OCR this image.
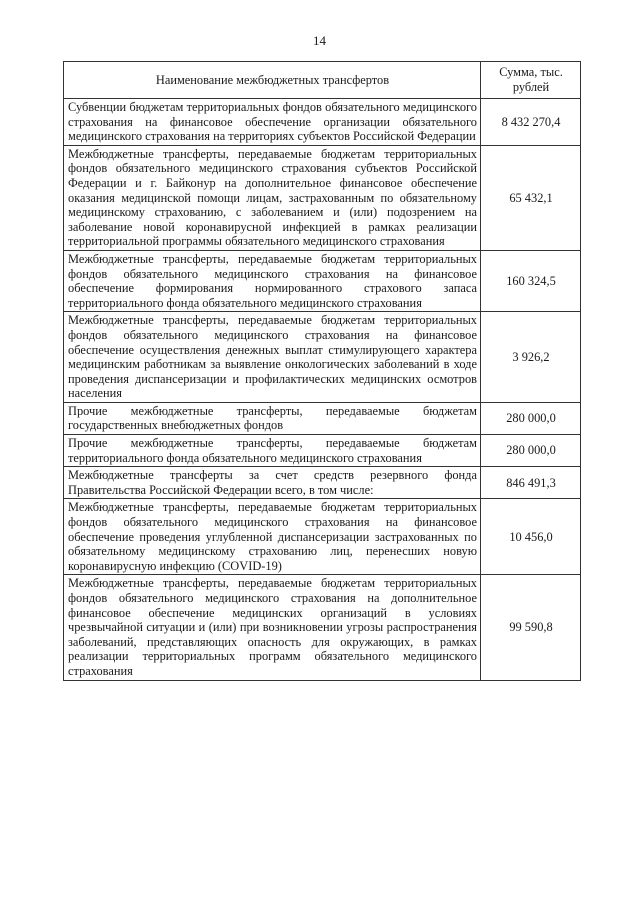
14
Наименование межбюджетных трансфертов	Сумма, тыс. рублей
Субвенции бюджетам территориальных фондов обязательного медицинского страхования на финансовое обеспечение организации обязательного медицинского страхования на территориях субъектов Российской Федерации	8 432 270,4
Межбюджетные трансферты, передаваемые бюджетам территориальных фондов обязательного медицинского страхования субъектов Российской Федерации и г. Байконур на дополнительное финансовое обеспечение оказания медицинской помощи лицам, застрахованным по обязательному медицинскому страхованию, с заболеванием и (или) подозрением на заболевание новой коронавирусной инфекцией в рамках реализации территориальной программы обязательного медицинского страхования	65 432,1
Межбюджетные трансферты, передаваемые бюджетам территориальных фондов обязательного медицинского страхования на финансовое обеспечение формирования нормированного страхового запаса территориального фонда обязательного медицинского страхования	160 324,5
Межбюджетные трансферты, передаваемые бюджетам территориальных фондов обязательного медицинского страхования на финансовое обеспечение осуществления денежных выплат стимулирующего характера медицинским работникам за выявление онкологических заболеваний в ходе проведения диспансеризации и профилактических медицинских осмотров населения	3 926,2
Прочие межбюджетные трансферты, передаваемые бюджетам государственных внебюджетных фондов	280 000,0
Прочие межбюджетные трансферты, передаваемые бюджетам территориального фонда обязательного медицинского страхования	280 000,0
Межбюджетные трансферты за счет средств резервного фонда Правительства Российской Федерации всего, в том числе:	846 491,3
Межбюджетные трансферты, передаваемые бюджетам территориальных фондов обязательного медицинского страхования на финансовое обеспечение проведения углубленной диспансеризации застрахованных по обязательному медицинскому страхованию лиц, перенесших новую коронавирусную инфекцию (COVID-19)	10 456,0
Межбюджетные трансферты, передаваемые бюджетам территориальных фондов обязательного медицинского страхования на дополнительное финансовое обеспечение медицинских организаций в условиях чрезвычайной ситуации и (или) при возникновении угрозы распространения заболеваний, представляющих опасность для окружающих, в рамках реализации территориальных программ обязательного медицинского страхования	99 590,8
